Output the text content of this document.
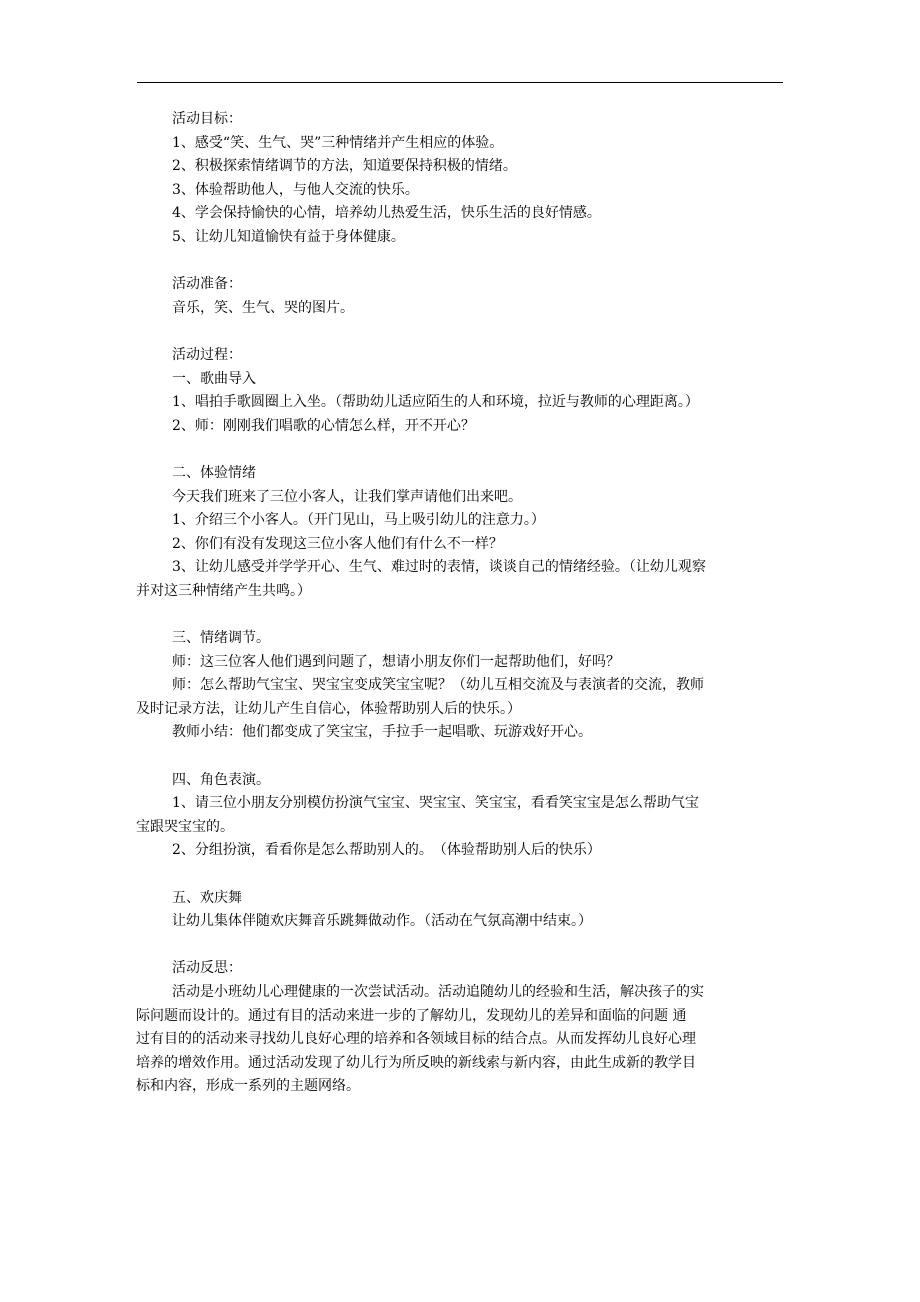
活动目标：
1、感受“笑、生气、哭”三种情绪并产生相应的体验。
2、积极探索情绪调节的方法，知道要保持积极的情绪。
3、体验帮助他人，与他人交流的快乐。
4、学会保持愉快的心情，培养幼儿热爱生活，快乐生活的良好情感。
5、让幼儿知道愉快有益于身体健康。
活动准备：
音乐，笑、生气、哭的图片。
活动过程：
一、歌曲导入
1、唱拍手歌圆圈上入坐。（帮助幼儿适应陌生的人和环境，拉近与教师的心理距离。）
2、师：刚刚我们唱歌的心情怎么样，开不开心？
二、体验情绪
今天我们班来了三位小客人，让我们掌声请他们出来吧。
1、介绍三个小客人。（开门见山，马上吸引幼儿的注意力。）
2、你们有没有发现这三位小客人他们有什么不一样？
3、让幼儿感受并学学开心、生气、难过时的表情，谈谈自己的情绪经验。（让幼儿观察
并对这三种情绪产生共鸣。）
三、情绪调节。
师：这三位客人他们遇到问题了，想请小朋友你们一起帮助他们，好吗？
师：怎么帮助气宝宝、哭宝宝变成笑宝宝呢？（幼儿互相交流及与表演者的交流，教师
及时记录方法，让幼儿产生自信心，体验帮助别人后的快乐。）
教师小结：他们都变成了笑宝宝，手拉手一起唱歌、玩游戏好开心。
四、角色表演。
1、请三位小朋友分别模仿扮演气宝宝、哭宝宝、笑宝宝，看看笑宝宝是怎么帮助气宝
宝跟哭宝宝的。
2、分组扮演，看看你是怎么帮助别人的。　（体验帮助别人后的快乐）
五、欢庆舞
让幼儿集体伴随欢庆舞音乐跳舞做动作。（活动在气氛高潮中结束。）
活动反思：
活动是小班幼儿心理健康的一次尝试活动。活动追随幼儿的经验和生活，解决孩子的实
际问题而设计的。通过有目的活动来进一步的了解幼儿，发现幼儿的差异和面临的问题 通
过有目的的活动来寻找幼儿良好心理的培养和各领域目标的结合点。从而发挥幼儿良好心理
培养的增效作用。通过活动发现了幼儿行为所反映的新线索与新内容，由此生成新的教学目
标和内容，形成一系列的主题网络。
